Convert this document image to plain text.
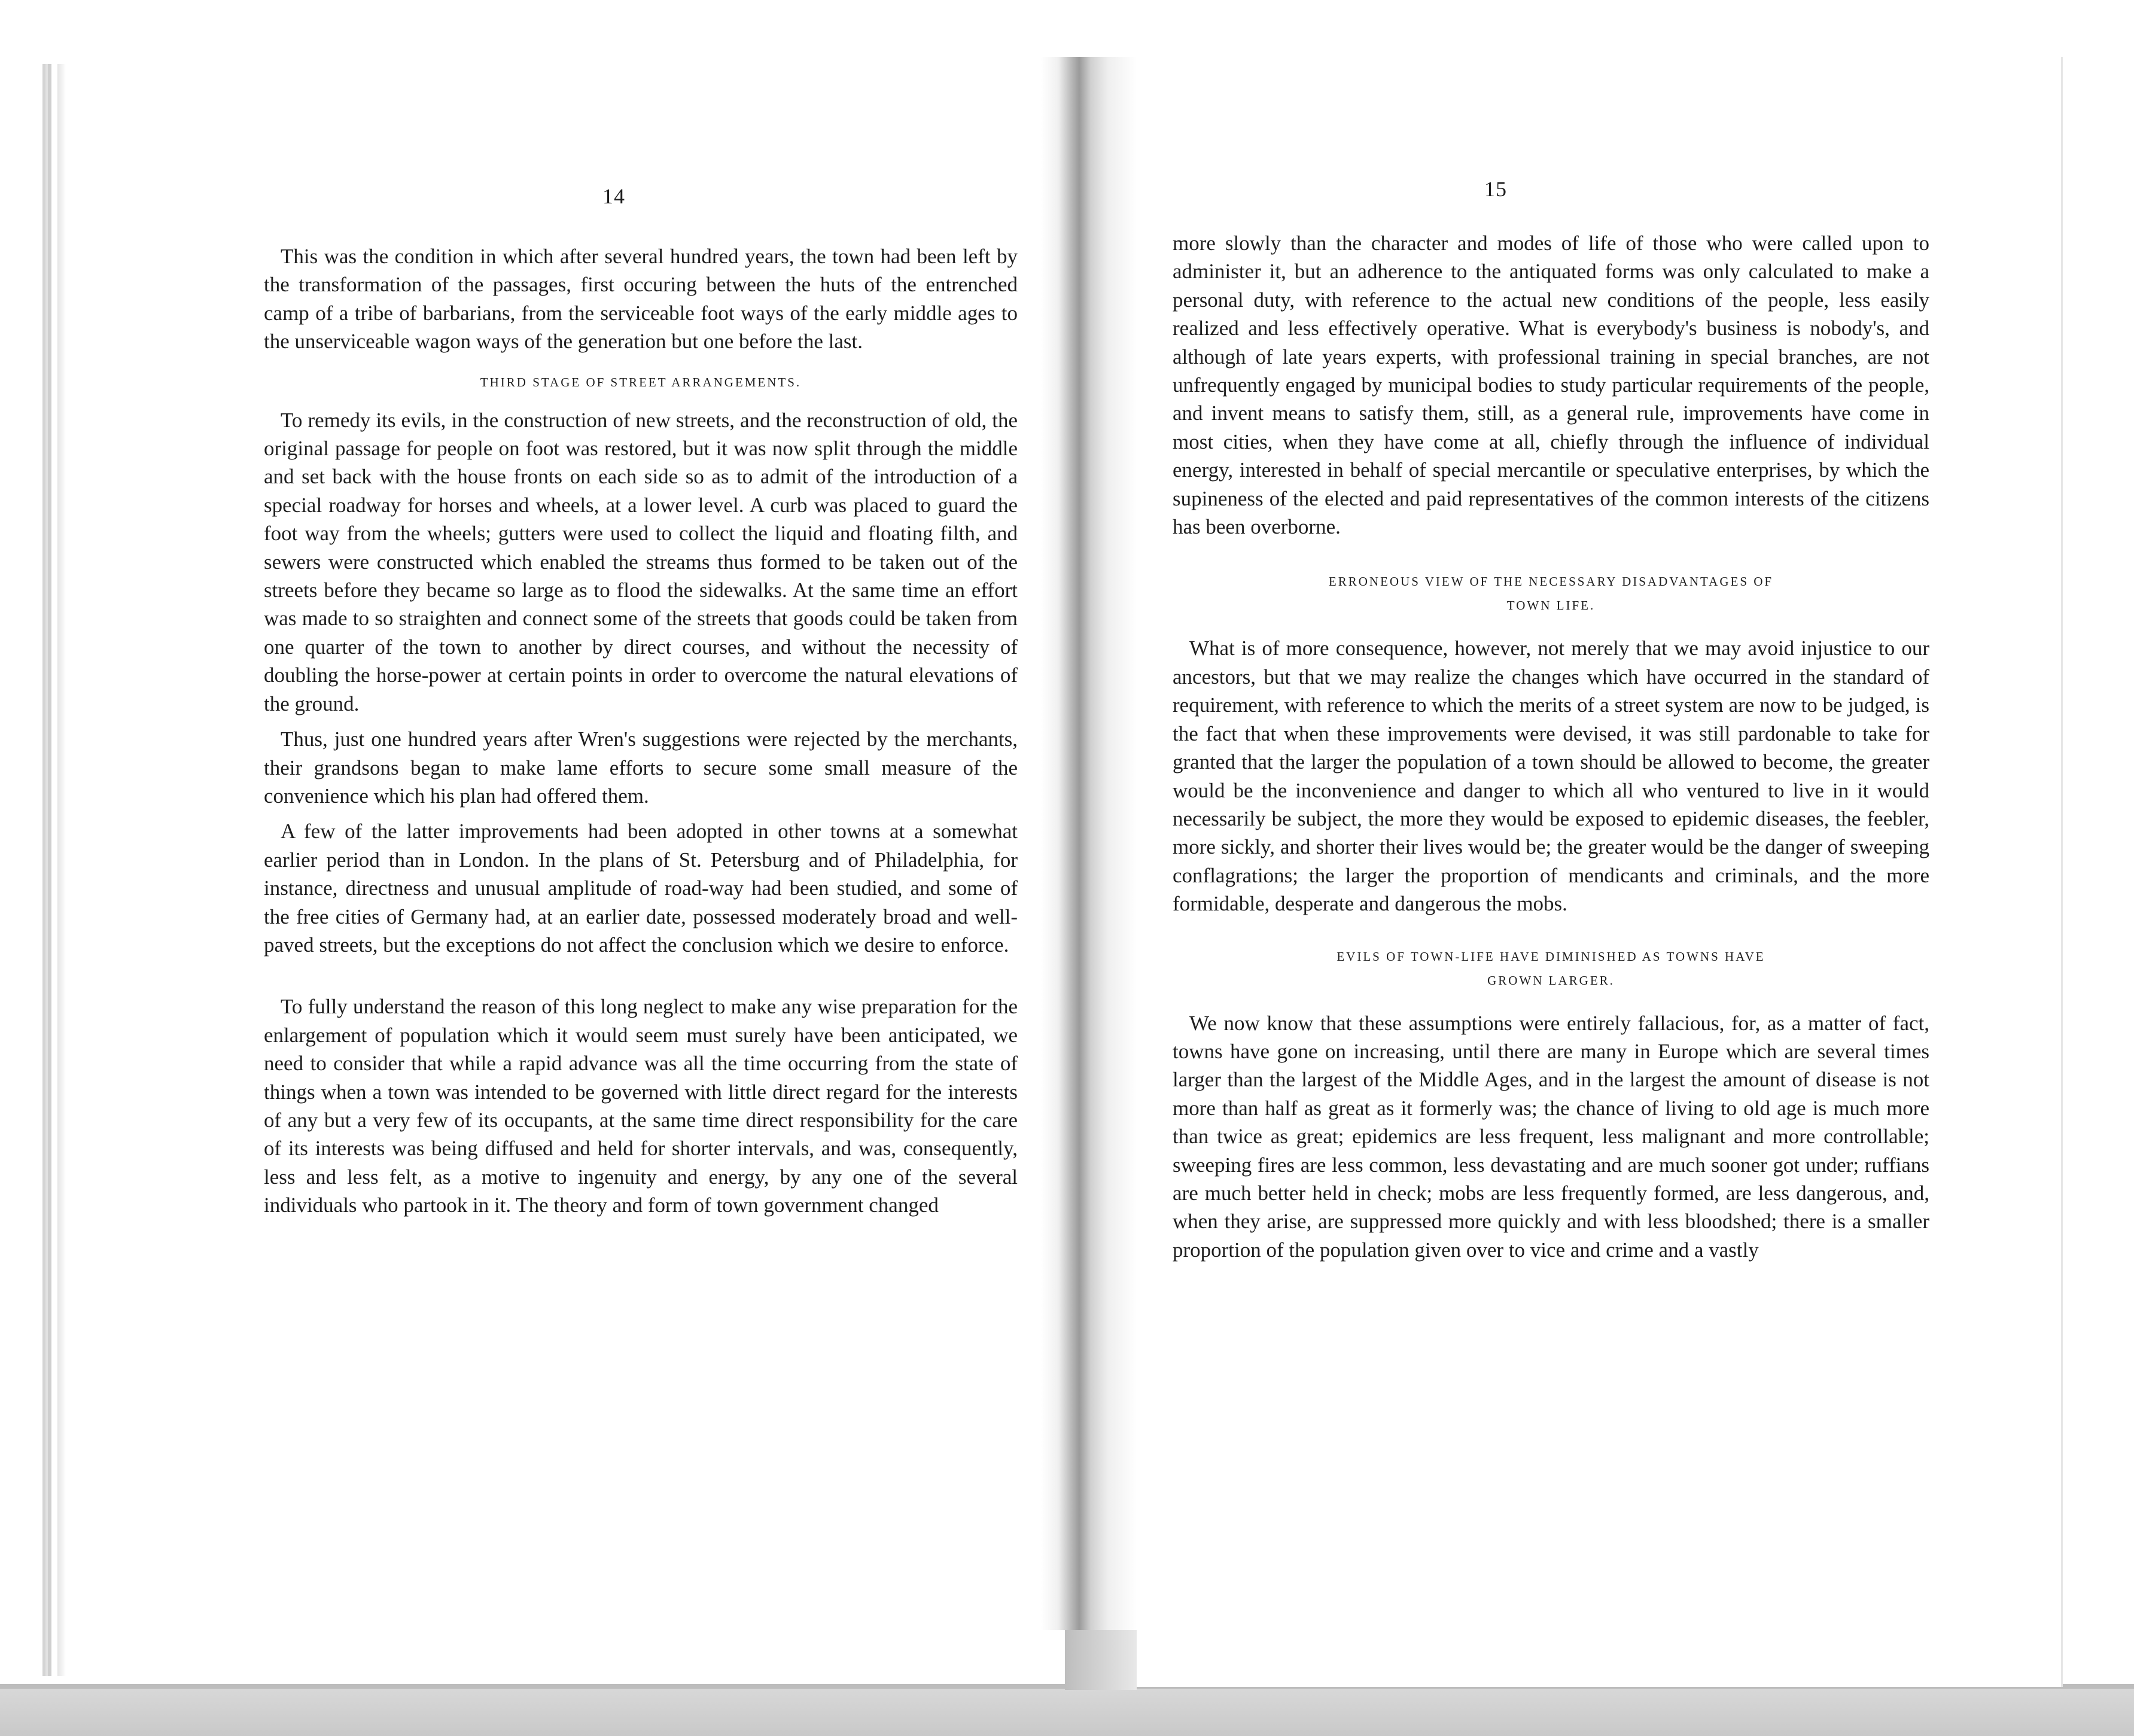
14

This was the condition in which after several hundred years, the town had been left by the transformation of the passages, first occuring between the huts of the entrenched camp of a tribe of barbarians, from the serviceable foot ways of the early middle ages to the unserviceable wagon ways of the generation but one before the last.

THIRD STAGE OF STREET ARRANGEMENTS.

To remedy its evils, in the construction of new streets, and the reconstruction of old, the original passage for people on foot was restored, but it was now split through the middle and set back with the house fronts on each side so as to admit of the introduction of a special roadway for horses and wheels, at a lower level. A curb was placed to guard the foot way from the wheels; gutters were used to collect the liquid and floating filth, and sewers were constructed which enabled the streams thus formed to be taken out of the streets before they became so large as to flood the sidewalks. At the same time an effort was made to so straighten and connect some of the streets that goods could be taken from one quarter of the town to another by direct courses, and without the necessity of doubling the horse-power at certain points in order to overcome the natural elevations of the ground.

Thus, just one hundred years after Wren's suggestions were rejected by the merchants, their grandsons began to make lame efforts to secure some small measure of the convenience which his plan had offered them.

A few of the latter improvements had been adopted in other towns at a somewhat earlier period than in London. In the plans of St. Petersburg and of Philadelphia, for instance, directness and unusual amplitude of road-way had been studied, and some of the free cities of Germany had, at an earlier date, possessed moderately broad and well-paved streets, but the exceptions do not affect the conclusion which we desire to enforce.

To fully understand the reason of this long neglect to make any wise preparation for the enlargement of population which it would seem must surely have been anticipated, we need to consider that while a rapid advance was all the time occurring from the state of things when a town was intended to be governed with little direct regard for the interests of any but a very few of its occupants, at the same time direct responsibility for the care of its interests was being diffused and held for shorter intervals, and was, consequently, less and less felt, as a motive to ingenuity and energy, by any one of the several individuals who partook in it. The theory and form of town government changed

15

more slowly than the character and modes of life of those who were called upon to administer it, but an adherence to the antiquated forms was only calculated to make a personal duty, with reference to the actual new conditions of the people, less easily realized and less effectively operative. What is everybody's business is nobody's, and although of late years experts, with professional training in special branches, are not unfrequently engaged by municipal bodies to study particular requirements of the people, and invent means to satisfy them, still, as a general rule, improvements have come in most cities, when they have come at all, chiefly through the influence of individual energy, interested in behalf of special mercantile or speculative enterprises, by which the supineness of the elected and paid representatives of the common interests of the citizens has been overborne.

ERRONEOUS VIEW OF THE NECESSARY DISADVANTAGES OF
TOWN LIFE.

What is of more consequence, however, not merely that we may avoid injustice to our ancestors, but that we may realize the changes which have occurred in the standard of requirement, with reference to which the merits of a street system are now to be judged, is the fact that when these improvements were devised, it was still pardonable to take for granted that the larger the population of a town should be allowed to become, the greater would be the inconvenience and danger to which all who ventured to live in it would necessarily be subject, the more they would be exposed to epidemic diseases, the feebler, more sickly, and shorter their lives would be; the greater would be the danger of sweeping conflagrations; the larger the proportion of mendicants and criminals, and the more formidable, desperate and dangerous the mobs.

EVILS OF TOWN-LIFE HAVE DIMINISHED AS TOWNS HAVE
GROWN LARGER.

We now know that these assumptions were entirely fallacious, for, as a matter of fact, towns have gone on increasing, until there are many in Europe which are several times larger than the largest of the Middle Ages, and in the largest the amount of disease is not more than half as great as it formerly was; the chance of living to old age is much more than twice as great; epidemics are less frequent, less malignant and more controllable; sweeping fires are less common, less devastating and are much sooner got under; ruffians are much better held in check; mobs are less frequently formed, are less dangerous, and, when they arise, are suppressed more quickly and with less bloodshed; there is a smaller proportion of the population given over to vice and crime and a vastly
